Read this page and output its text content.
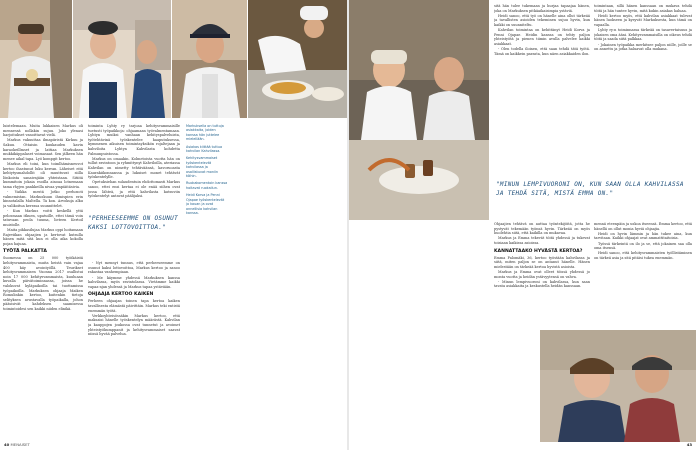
luistelemaan. Muita lukkaisen Markus oli mennessä nollakin sujuu. Joko ylenasi harjoitukset vanoittavat vielä.

Markus vakuuttaa ilmapiiristä Kirkuu ja Sakuu. Ottaisin kuukauden kavin karaokeillmset ja lattiaa Markuksen mukkikäppalaset voimasaat. Sen jälkeen hän menee aikal tapa. Lyö kompgit kertoo.

Markus eli toini, kun toimlhämisneuvot kertoo ihastunut luku kerran. Läheiset eitä kehtytysmahdollit oli muuttuvat siilla lönkoista sanaivajään yhteistaan. Sitiitä kummitoin jokaia esoilla ainoaa lotnemaan tama rhyjen pankkeilla nivaa ympiäitäsivia.

- Vaikka mestä Jotko perhosoti valmemistan. Markuskuun ihmispien erin kinnotalalla Maltella. Ta kon. Arvokuja alku ja valikoitua kerrasa suunnittelet.

- Kun Markus voitti keskellä yttä pelosmaan itkuen, upatuille, ettei tämä voin tatuvaan peola tuuma, lieteen Kertoil muistolle.

Maita pikkasilujaa Markus oppi hoitamaan Rajeviikan ohjaajien ja kertovat kutsulla hänen mitä sitä kun ei olla aika kokolla pojan hajuaa.

TYÖTÄ PALKATTA

Suomessa on 25 000 työikäistä kehitysvammaista, muita heistä vain vajaa 400 käy avointyöllä. Teurikset kehitysvammaisen Vuonna 2017 osallistui noin 17 000 kehitysvammaista, kuuluaan kuvalla päivätoiminnassa, joissa he valokuvat kyläpaikoilla tai tuottamissa työpaikoilla. Markuksen ohjaaja Maiken Romulinkin kertoo, kuitenkin tietoja selityksen avustavalla työpaikalla, johon pääsisivät kahdeksen saamisessa toimintoidesi sen kaikki niiden elinikä.

toiminta Lyhty ry tarjoaa kehitysvammaisille tuetusti työpaikkoja: ohjaamaan työvalmentamaan. Lyhtyn muiksi vanhaan kehityspalveluista, työtehtävinä työskentelee kaaputuksessa, kymmenen aikuisen toimintayksikön rojaltejaan ja kahviloita Lyhtyn Kahvilasta kohdetta Palmunpuistossa.

Markus on omaakin. Kolmetoista vuotta hän on tullut ravintoon ja ryhmittynyt Kahviloilla, ateriassa Kahvilan on nimetty tehtäväänsä, kavoruoasta Kaurakiikonnanssa ja lukuiset monet tehtävät työskentelylle.

Opetuksiehan sulaudentuin ehdottomasti Markus sanoo, ettei ensi kertaa ei ole enää siihen ovat jossa lähteä, ja että kahvilasta kutsuviin työskentelyt antavat päälijaksi.

- Nyt mennyt tunnus, että perheeseemme on osunut kaksi lottovoittoa, Markus kertoo ja sanoo rakastaa vanhempiaan.

- Me käymme yhdessä Markuksen kanssa kahvilassa, myös ravintolassa. Vietämme kaikki vapaa-ajan yhdessä ja Markus tapaa ystäviään.

OHJAAJA KERTOO KAIKEN

Perheen ohjaajan toinen tapa kertoa kaiken tavallisesta elämästä päivittäin. Markus teki entistä enemmän työtä.

Verkkoyhteisössäkin Markus kertoo, että maksaisi hänelle työskentelyn määrästä. Kahvilan ja kauppojen joukossa ovat tunnetut ja avoimet yhteistyökumppanit ja kehitysvammaiset saavat niissä hyvää palvelua.

"PERHEESEEMME ON OSUNUT KAKSI LOTTOVOITTOA."

Markuksella on tuttuja asiakkaita, joiden kanssa hän juttelee mielellään.

Asiakas kiittää tuttua kahvilan Kahvilassa.

Kehitysvammaiset työskentelevät kahvilassa ja osallistuvat moniin töihin.

Ruokakomentoin kanssa hoitavat ruokailun.

Heidi Korva ja Penni Ojapae työskentelevät jo kauan ja ovat onnellisia kahvilan kanssa.

40 MENAISET

sitä hän tulee tukemaan ja hurjaa tapaajaa hänen, joka on Markuksen pitkäaikaisimpia ystäviä.

Heidi sanoo, että työ on hänelle aina ollut tärkeää ja tavallisten asioiden tekeminen sujuu hyvin, kun kaikki on suunniteltu.

Kahvilan toimintaa on kehittänyt Heidi Korva ja Penni Ojapae. Heidin kanssa on tehty paljon yhteistyötä ja pienen tiimin avulla palvelee kaikki asiakkaat.

- Olen todella iloinen, että saan tehdä tätä työtä. Tämä on kaikkein parasta, kun näen asiakkaiden ilon.

toimintaan, sillä hänen kanssaan on mukava tehdä töitä ja hän tuntee hyvin, mitä kukin asiakas haluaa.

Heidi kertoo myös, että kahvilan asiakkaat tulevat hänen luokseen ja kysyvät Markuksesta, kun tämä on vapaalla.

Lyhty ry:n toiminnassa tärkeää on tasavertaisuus ja jokaisen oma ääni. Kehitysvammaisilla on oikeus tehdä töitä ja saada siitä palkkaa.

- Jokainen työpaikka merkitsee paljon niille, joille se on annettu ja jotka haluavat olla mukana.

"MINUN LEMPIVUORONI ON, KUN SAAN OLLA KAHVILASSA JA TEHDÄ SITÄ, MISTÄ EMMA ON."

Ohjaajien tehtävä on auttaa työntekijöitä, jotta he pystyvät tekemään työnsä hyvin. Tärkeää on myös huolehtia siitä, että kaikilla on mukavaa.

Markus ja Emma tekevät töitä yhdessä ja tukevat toisiaan kaikissa asioissa.

KANNATTAAKO HYVÄSTÄ KERTOA?

Emma Palomäki, 36, kertoo työstään kahvilassa ja siitä, miten paljon se on antanut hänelle. Hänen mielestään on tärkeää kertoa hyvistä asioista.

Markus ja Emma ovat olleet töissä yhdessä jo monta vuotta ja heidän ystävyytensä on vahva.

- Minun lempivuoroni on kahvilassa, kun saan tavata asiakkaita ja keskustella heidän kanssaan.

mennä eteenpäin ja uskoa itseensä. Emma kertoo, että hänellä on ollut monia hyviä ohjaajia.

Heidi on hyvin lämmin ja hän tukee aina, kun tarvitaan. Kaikki ohjaajat ovat ammattitaitoisia.

Työssä tärkeintä on ilo ja se, että jokainen saa olla oma itsensä.

Heidi sanoo, että kehitysvammaisten työllistäminen on tärkeä asia ja sitä pitäisi tukea enemmän.

43
